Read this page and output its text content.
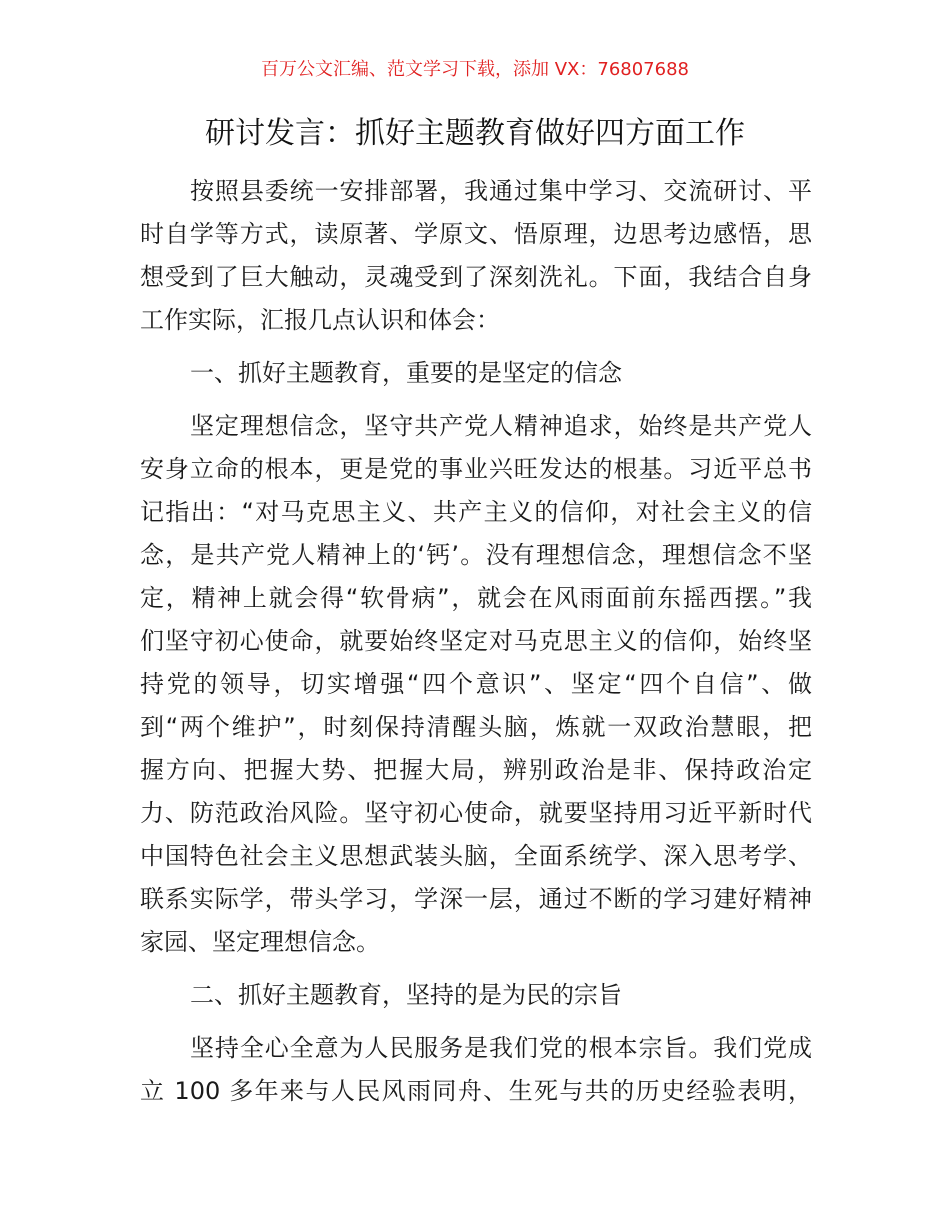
百万公文汇编、范文学习下载，添加 VX：76807688
研讨发言：抓好主题教育做好四方面工作
按照县委统一安排部署，我通过集中学习、交流研讨、平
时自学等方式，读原著、学原文、悟原理，边思考边感悟，思
想受到了巨大触动，灵魂受到了深刻洗礼。下面，我结合自身
工作实际，汇报几点认识和体会：
一、抓好主题教育，重要的是坚定的信念
坚定理想信念，坚守共产党人精神追求，始终是共产党人
安身立命的根本，更是党的事业兴旺发达的根基。习近平总书
记指出：“对马克思主义、共产主义的信仰，对社会主义的信
念，是共产党人精神上的‘钙’。没有理想信念，理想信念不坚
定，精神上就会得“软骨病”，就会在风雨面前东摇西摆。”我
们坚守初心使命，就要始终坚定对马克思主义的信仰，始终坚
持党的领导，切实增强“四个意识”、坚定“四个自信”、做
到“两个维护”，时刻保持清醒头脑，炼就一双政治慧眼，把
握方向、把握大势、把握大局，辨别政治是非、保持政治定
力、防范政治风险。坚守初心使命，就要坚持用习近平新时代
中国特色社会主义思想武装头脑，全面系统学、深入思考学、
联系实际学，带头学习，学深一层，通过不断的学习建好精神
家园、坚定理想信念。
二、抓好主题教育，坚持的是为民的宗旨
坚持全心全意为人民服务是我们党的根本宗旨。我们党成
立 100 多年来与人民风雨同舟、生死与共的历史经验表明，
